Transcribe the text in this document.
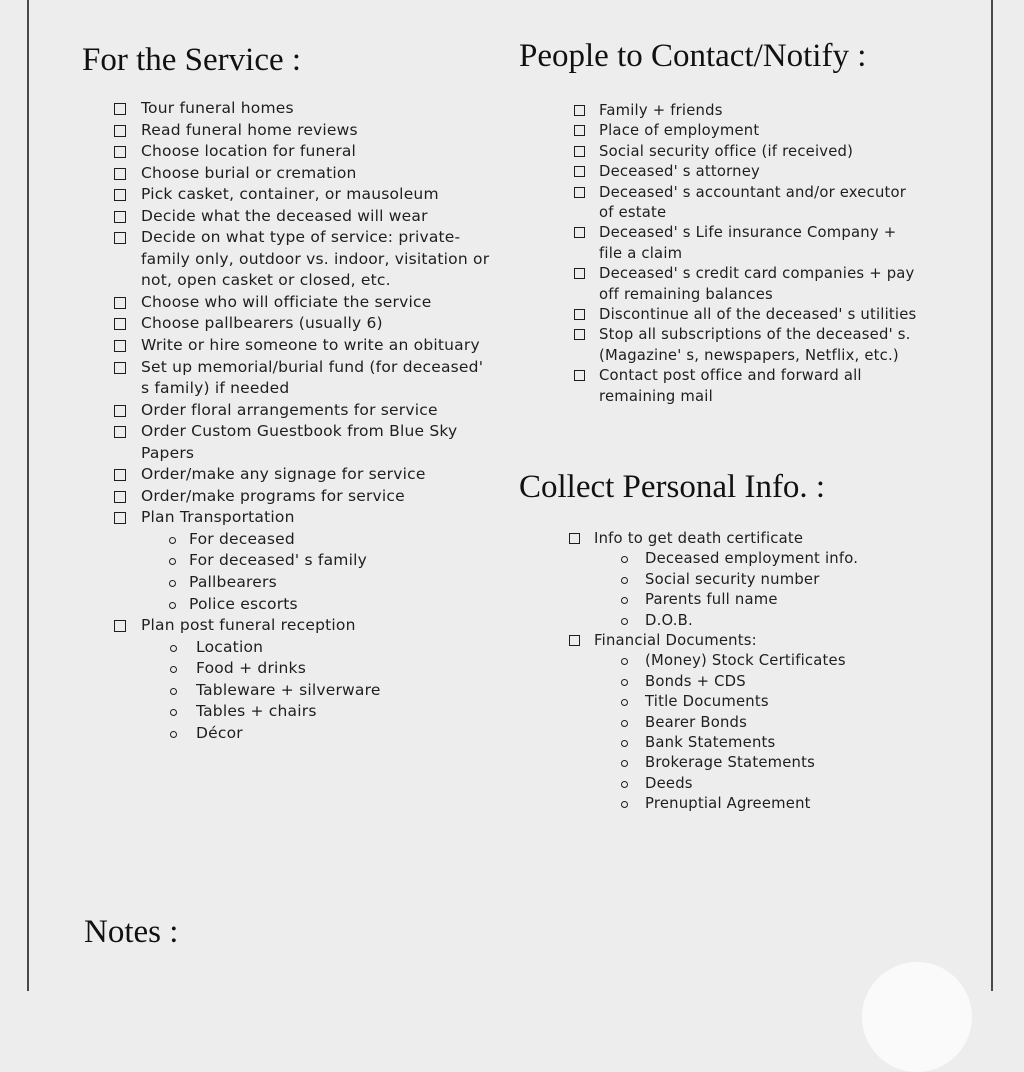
For the Service :
Tour funeral homes
Read funeral home reviews
Choose location for funeral
Choose burial or cremation
Pick casket, container, or mausoleum
Decide what the deceased will wear
Decide on what type of service: private-family only, outdoor vs. indoor, visitation or not, open casket or closed, etc.
Choose who will officiate the service
Choose pallbearers (usually 6)
Write or hire someone to write an obituary
Set up memorial/burial fund (for deceased' s family) if needed
Order floral arrangements for service
Order Custom Guestbook from Blue Sky Papers
Order/make any signage for service
Order/make programs for service
Plan Transportation
For deceased
For deceased' s family
Pallbearers
Police escorts
Plan post funeral reception
Location
Food + drinks
Tableware + silverware
Tables + chairs
Décor
Notes :
People to Contact/Notify :
Family + friends
Place of employment
Social security office (if received)
Deceased' s attorney
Deceased' s accountant and/or executor of estate
Deceased' s Life insurance Company + file a claim
Deceased' s credit card companies + pay off remaining balances
Discontinue all of the deceased' s utilities
Stop all subscriptions of the deceased' s. (Magazine' s, newspapers, Netflix, etc.)
Contact post office and forward all remaining mail
Collect Personal Info. :
Info to get death certificate
Deceased employment info.
Social security number
Parents full name
D.O.B.
Financial Documents:
(Money) Stock Certificates
Bonds + CDS
Title Documents
Bearer Bonds
Bank Statements
Brokerage Statements
Deeds
Prenuptial Agreement
